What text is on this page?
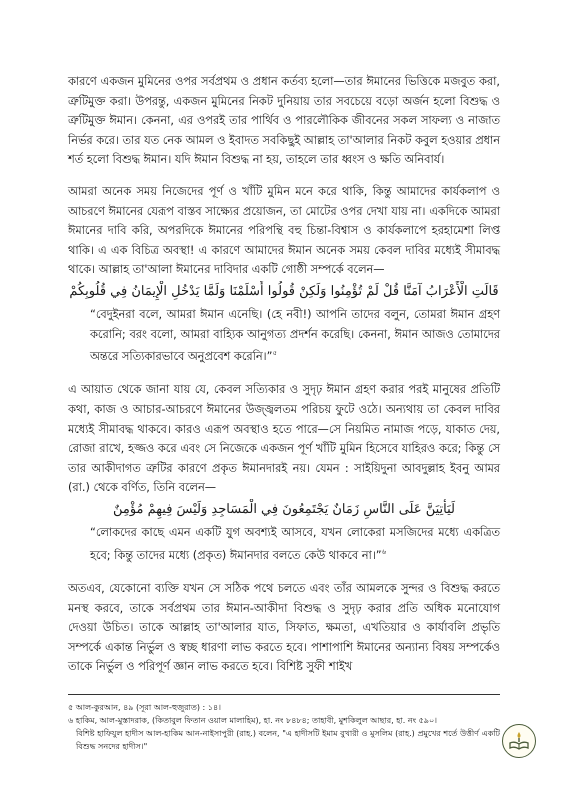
কারণে একজন মুমিনের ওপর সর্বপ্রথম ও প্রধান কর্তব্য হলো—তার ঈমানের ভিত্তিকে মজবুত করা, ত্রুটিমুক্ত করা। উপরন্তু, একজন মুমিনের নিকট দুনিয়ায় তার সবচেয়ে বড়ো অর্জন হলো বিশুদ্ধ ও ত্রুটিমুক্ত ঈমান। কেননা, এর ওপরই তার পার্থিব ও পারলৌকিক জীবনের সকল সাফল্য ও নাজাত নির্ভর করে। তার যত নেক আমল ও ইবাদত সবকিছুই আল্লাহ তা'আলার নিকট কবুল হওয়ার প্রধান শর্ত হলো বিশুদ্ধ ঈমান। যদি ঈমান বিশুদ্ধ না হয়, তাহলে তার ধ্বংস ও ক্ষতি অনিবার্য।

আমরা অনেক সময় নিজেদের পূর্ণ ও খাঁটি মুমিন মনে করে থাকি, কিন্তু আমাদের কার্যকলাপ ও আচরণে ঈমানের যেরূপ বাস্তব সাক্ষ্যের প্রয়োজন, তা মোটের ওপর দেখা যায় না। একদিকে আমরা ঈমানের দাবি করি, অপরদিকে ঈমানের পরিপন্থি বহু চিন্তা-বিশ্বাস ও কার্যকলাপে হরহামেশা লিপ্ত থাকি। এ এক বিচিত্র অবস্থা! এ কারণে আমাদের ঈমান অনেক সময় কেবল দাবির মধ্যেই সীমাবদ্ধ থাকে। আল্লাহ তা'আলা ঈমানের দাবিদার একটি গোষ্ঠী সম্পর্কে বলেন—

قَالَتِ الْأَعْرَابُ آمَنَّا قُلْ لَمْ تُؤْمِنُوا وَلَكِنْ قُولُوا أَسْلَمْنَا وَلَمَّا يَدْخُلِ الْإِيمَانُ فِي قُلُوبِكُمْ

“বেদুইনরা বলে, আমরা ঈমান এনেছি। (হে নবী!) আপনি তাদের বলুন, তোমরা ঈমান গ্রহণ করোনি; বরং বলো, আমরা বাহ্যিক আনুগত্য প্রদর্শন করেছি। কেননা, ঈমান আজও তোমাদের অন্তরে সত্যিকারভাবে অনুপ্রবেশ করেনি।”$^৫$

এ আয়াত থেকে জানা যায় যে, কেবল সত্যিকার ও সুদৃঢ় ঈমান গ্রহণ করার পরই মানুষের প্রতিটি কথা, কাজ ও আচার-আচরণে ঈমানের উজ্জ্বলতম পরিচয় ফুটে ওঠে। অন্যথায় তা কেবল দাবির মধ্যেই সীমাবদ্ধ থাকবে। কারও এরূপ অবস্থাও হতে পারে—সে নিয়মিত নামাজ পড়ে, যাকাত দেয়, রোজা রাখে, হজ্জও করে এবং সে নিজেকে একজন পূর্ণ খাঁটি মুমিন হিসেবে যাহিরও করে; কিন্তু সে তার আকীদাগত ত্রুটির কারণে প্রকৃত ঈমানদারই নয়। যেমন : সাইয়িদুনা আবদুল্লাহ ইবনু আমর (রা.) থেকে বর্ণিত, তিনি বলেন—

لَيَأْتِيَنَّ عَلَى النَّاسِ زَمَانٌ يَجْتَمِعُونَ فِي الْمَسَاجِدِ وَلَيْسَ فِيهِمْ مُؤْمِنٌ

“লোকদের কাছে এমন একটি যুগ অবশ্যই আসবে, যখন লোকেরা মসজিদের মধ্যে একত্রিত হবে; কিন্তু তাদের মধ্যে (প্রকৃত) ঈমানদার বলতে কেউ থাকবে না।”$^৬$

অতএব, যেকোনো ব্যক্তি যখন সে সঠিক পথে চলতে এবং তাঁর আমলকে সুন্দর ও বিশুদ্ধ করতে মনস্থ করবে, তাকে সর্বপ্রথম তার ঈমান-আকীদা বিশুদ্ধ ও সুদৃঢ় করার প্রতি অধিক মনোযোগ দেওয়া উচিত। তাকে আল্লাহ তা'আলার যাত, সিফাত, ক্ষমতা, এখতিয়ার ও কার্যাবলি প্রভৃতি সম্পর্কে একান্ত নির্ভুল ও স্বচ্ছ ধারণা লাভ করতে হবে। পাশাপাশি ঈমানের অন্যান্য বিষয় সম্পর্কেও তাকে নির্ভুল ও পরিপূর্ণ জ্ঞান লাভ করতে হবে। বিশিষ্ট সুফী শাইখ

৫ আল-কুরআন, ৪৯ (সূরা আল-হুজুরাত) : ১৪।

৬ হাকিম, আল-মুস্তাদরাক, (কিতাবুল ফিতান ওয়াল মালাহিম), হা. নং ৮৪৮৪; তাহাবী, মুশকিলুল আছার, হা. নং ৫৯০।

বিশিষ্ট হাফিযুল হাদীস আল-হাকিম আন-নাইসাপুরী (রাহ.) বলেন, "এ হাদীসটি ইমাম বুখারী ও মুসলিম (রাহ.) প্রমুখের শর্তে উত্তীর্ণ একটি বিশুদ্ধ সনদের হাদীস।"
